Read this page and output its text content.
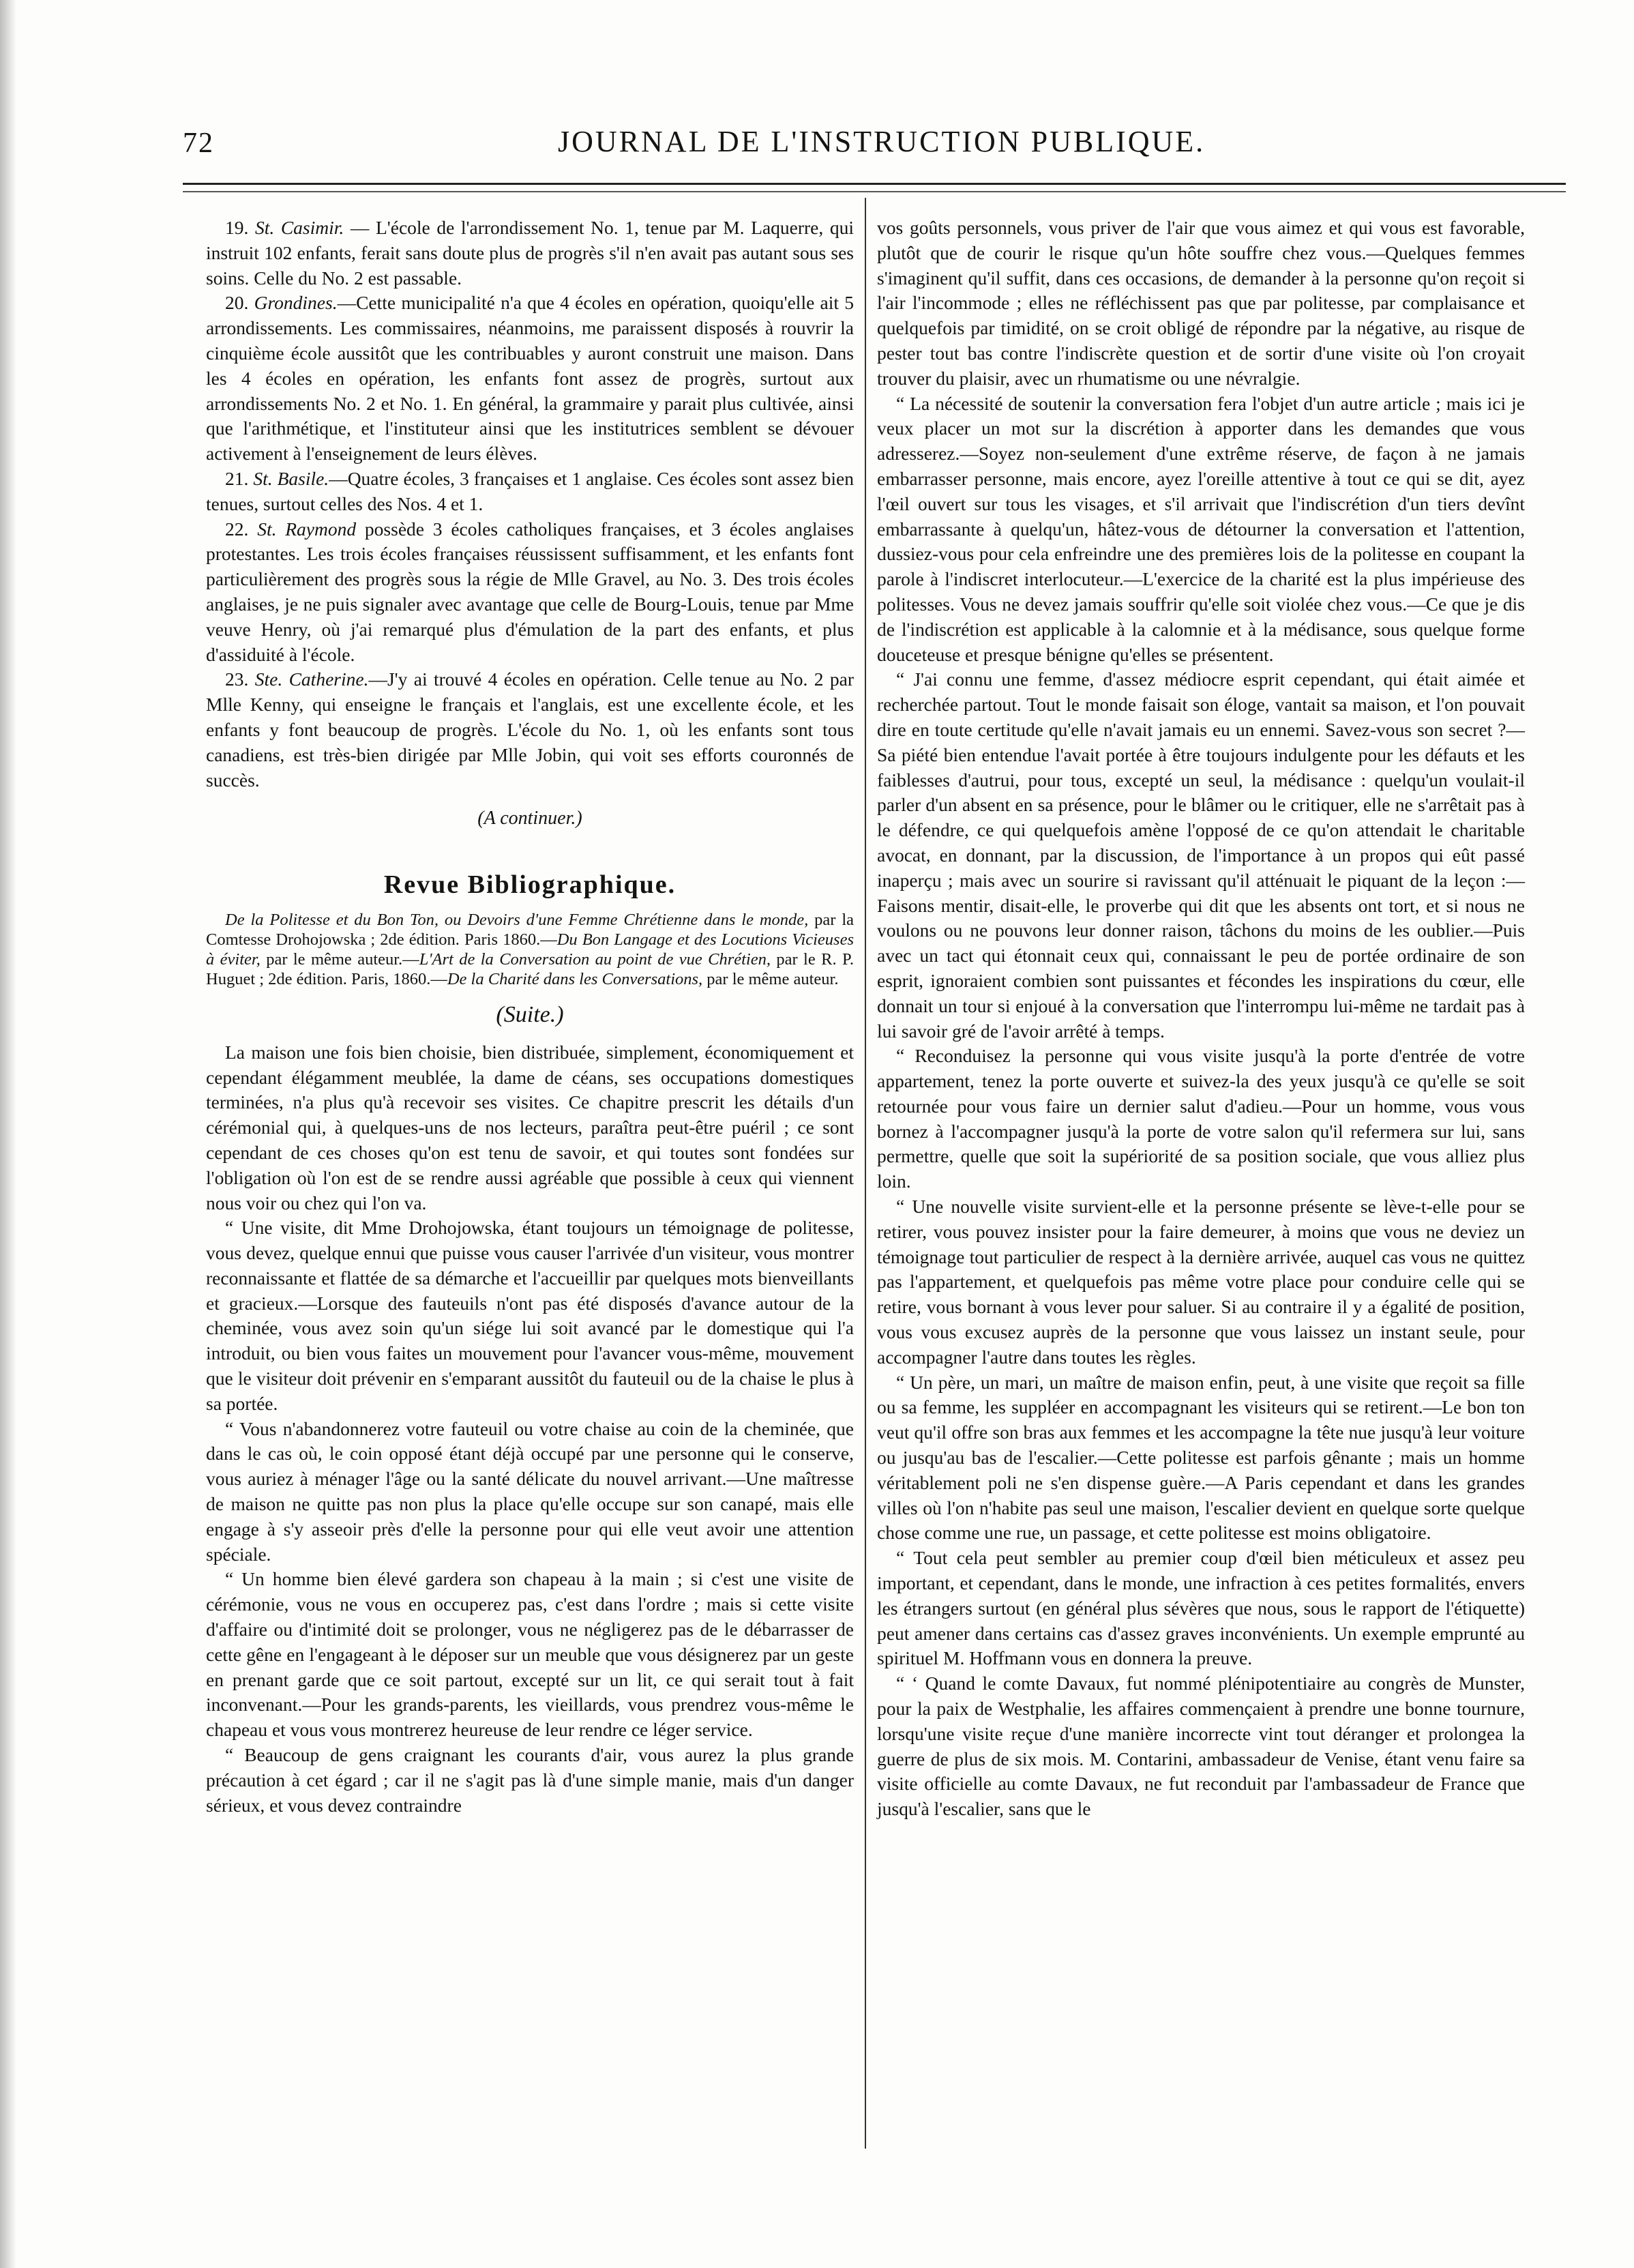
72	JOURNAL DE L'INSTRUCTION PUBLIQUE.

19. St. Casimir. — L'école de l'arrondissement No. 1, tenue par M. Laquerre, qui instruit 102 enfants, ferait sans doute plus de progrès s'il n'en avait pas autant sous ses soins. Celle du No. 2 est passable.

20. Grondines.—Cette municipalité n'a que 4 écoles en opération, quoiqu'elle ait 5 arrondissements. Les commissaires, néanmoins, me paraissent disposés à rouvrir la cinquième école aussitôt que les contribuables y auront construit une maison. Dans les 4 écoles en opération, les enfants font assez de progrès, surtout aux arrondissements No. 2 et No. 1. En général, la grammaire y parait plus cultivée, ainsi que l'arithmétique, et l'instituteur ainsi que les institutrices semblent se dévouer activement à l'enseignement de leurs élèves.

21. St. Basile.—Quatre écoles, 3 françaises et 1 anglaise. Ces écoles sont assez bien tenues, surtout celles des Nos. 4 et 1.

22. St. Raymond possède 3 écoles catholiques françaises, et 3 écoles anglaises protestantes. Les trois écoles françaises réussissent suffisamment, et les enfants font particulièrement des progrès sous la régie de Mlle Gravel, au No. 3. Des trois écoles anglaises, je ne puis signaler avec avantage que celle de Bourg-Louis, tenue par Mme veuve Henry, où j'ai remarqué plus d'émulation de la part des enfants, et plus d'assiduité à l'école.

23. Ste. Catherine.—J'y ai trouvé 4 écoles en opération. Celle tenue au No. 2 par Mlle Kenny, qui enseigne le français et l'anglais, est une excellente école, et les enfants y font beaucoup de progrès. L'école du No. 1, où les enfants sont tous canadiens, est très-bien dirigée par Mlle Jobin, qui voit ses efforts couronnés de succès.

(A continuer.)
Revue Bibliographique.

De la Politesse et du Bon Ton, ou Devoirs d'une Femme Chrétienne dans le monde, par la Comtesse Drohojowska ; 2de édition. Paris 1860.—Du Bon Langage et des Locutions Vicieuses à éviter, par le même auteur.—L'Art de la Conversation au point de vue Chrétien, par le R. P. Huguet ; 2de édition. Paris, 1860.—De la Charité dans les Conversations, par le même auteur.

(Suite.)

La maison une fois bien choisie, bien distribuée, simplement, économiquement et cependant élégamment meublée, la dame de céans, ses occupations domestiques terminées, n'a plus qu'à recevoir ses visites. Ce chapitre prescrit les détails d'un cérémonial qui, à quelques-uns de nos lecteurs, paraîtra peut-être puéril ; ce sont cependant de ces choses qu'on est tenu de savoir, et qui toutes sont fondées sur l'obligation où l'on est de se rendre aussi agréable que possible à ceux qui viennent nous voir ou chez qui l'on va.

“ Une visite, dit Mme Drohojowska, étant toujours un témoignage de politesse, vous devez, quelque ennui que puisse vous causer l'arrivée d'un visiteur, vous montrer reconnaissante et flattée de sa démarche et l'accueillir par quelques mots bienveillants et gracieux.—Lorsque des fauteuils n'ont pas été disposés d'avance autour de la cheminée, vous avez soin qu'un siége lui soit avancé par le domestique qui l'a introduit, ou bien vous faites un mouvement pour l'avancer vous-même, mouvement que le visiteur doit prévenir en s'emparant aussitôt du fauteuil ou de la chaise le plus à sa portée.

“ Vous n'abandonnerez votre fauteuil ou votre chaise au coin de la cheminée, que dans le cas où, le coin opposé étant déjà occupé par une personne qui le conserve, vous auriez à ménager l'âge ou la santé délicate du nouvel arrivant.—Une maîtresse de maison ne quitte pas non plus la place qu'elle occupe sur son canapé, mais elle engage à s'y asseoir près d'elle la personne pour qui elle veut avoir une attention spéciale.

“ Un homme bien élevé gardera son chapeau à la main ; si c'est une visite de cérémonie, vous ne vous en occuperez pas, c'est dans l'ordre ; mais si cette visite d'affaire ou d'intimité doit se prolonger, vous ne négligerez pas de le débarrasser de cette gêne en l'engageant à le déposer sur un meuble que vous désignerez par un geste en prenant garde que ce soit partout, excepté sur un lit, ce qui serait tout à fait inconvenant.—Pour les grands-parents, les vieillards, vous prendrez vous-même le chapeau et vous vous montrerez heureuse de leur rendre ce léger service.

“ Beaucoup de gens craignant les courants d'air, vous aurez la plus grande précaution à cet égard ; car il ne s'agit pas là d'une simple manie, mais d'un danger sérieux, et vous devez contraindre

vos goûts personnels, vous priver de l'air que vous aimez et qui vous est favorable, plutôt que de courir le risque qu'un hôte souffre chez vous.—Quelques femmes s'imaginent qu'il suffit, dans ces occasions, de demander à la personne qu'on reçoit si l'air l'incommode ; elles ne réfléchissent pas que par politesse, par complaisance et quelquefois par timidité, on se croit obligé de répondre par la négative, au risque de pester tout bas contre l'indiscrète question et de sortir d'une visite où l'on croyait trouver du plaisir, avec un rhumatisme ou une névralgie.

“ La nécessité de soutenir la conversation fera l'objet d'un autre article ; mais ici je veux placer un mot sur la discrétion à apporter dans les demandes que vous adresserez.—Soyez non-seulement d'une extrême réserve, de façon à ne jamais embarrasser personne, mais encore, ayez l'oreille attentive à tout ce qui se dit, ayez l'œil ouvert sur tous les visages, et s'il arrivait que l'indiscrétion d'un tiers devînt embarrassante à quelqu'un, hâtez-vous de détourner la conversation et l'attention, dussiez-vous pour cela enfreindre une des premières lois de la politesse en coupant la parole à l'indiscret interlocuteur.—L'exercice de la charité est la plus impérieuse des politesses. Vous ne devez jamais souffrir qu'elle soit violée chez vous.—Ce que je dis de l'indiscrétion est applicable à la calomnie et à la médisance, sous quelque forme douceteuse et presque bénigne qu'elles se présentent.

“ J'ai connu une femme, d'assez médiocre esprit cependant, qui était aimée et recherchée partout. Tout le monde faisait son éloge, vantait sa maison, et l'on pouvait dire en toute certitude qu'elle n'avait jamais eu un ennemi. Savez-vous son secret ?—Sa piété bien entendue l'avait portée à être toujours indulgente pour les défauts et les faiblesses d'autrui, pour tous, excepté un seul, la médisance : quelqu'un voulait-il parler d'un absent en sa présence, pour le blâmer ou le critiquer, elle ne s'arrêtait pas à le défendre, ce qui quelquefois amène l'opposé de ce qu'on attendait le charitable avocat, en donnant, par la discussion, de l'importance à un propos qui eût passé inaperçu ; mais avec un sourire si ravissant qu'il atténuait le piquant de la leçon :—Faisons mentir, disait-elle, le proverbe qui dit que les absents ont tort, et si nous ne voulons ou ne pouvons leur donner raison, tâchons du moins de les oublier.—Puis avec un tact qui étonnait ceux qui, connaissant le peu de portée ordinaire de son esprit, ignoraient combien sont puissantes et fécondes les inspirations du cœur, elle donnait un tour si enjoué à la conversation que l'interrompu lui-même ne tardait pas à lui savoir gré de l'avoir arrêté à temps.

“ Reconduisez la personne qui vous visite jusqu'à la porte d'entrée de votre appartement, tenez la porte ouverte et suivez-la des yeux jusqu'à ce qu'elle se soit retournée pour vous faire un dernier salut d'adieu.—Pour un homme, vous vous bornez à l'accompagner jusqu'à la porte de votre salon qu'il refermera sur lui, sans permettre, quelle que soit la supériorité de sa position sociale, que vous alliez plus loin.

“ Une nouvelle visite survient-elle et la personne présente se lève-t-elle pour se retirer, vous pouvez insister pour la faire demeurer, à moins que vous ne deviez un témoignage tout particulier de respect à la dernière arrivée, auquel cas vous ne quittez pas l'appartement, et quelquefois pas même votre place pour conduire celle qui se retire, vous bornant à vous lever pour saluer. Si au contraire il y a égalité de position, vous vous excusez auprès de la personne que vous laissez un instant seule, pour accompagner l'autre dans toutes les règles.

“ Un père, un mari, un maître de maison enfin, peut, à une visite que reçoit sa fille ou sa femme, les suppléer en accompagnant les visiteurs qui se retirent.—Le bon ton veut qu'il offre son bras aux femmes et les accompagne la tête nue jusqu'à leur voiture ou jusqu'au bas de l'escalier.—Cette politesse est parfois gênante ; mais un homme véritablement poli ne s'en dispense guère.—A Paris cependant et dans les grandes villes où l'on n'habite pas seul une maison, l'escalier devient en quelque sorte quelque chose comme une rue, un passage, et cette politesse est moins obligatoire.

“ Tout cela peut sembler au premier coup d'œil bien méticuleux et assez peu important, et cependant, dans le monde, une infraction à ces petites formalités, envers les étrangers surtout (en général plus sévères que nous, sous le rapport de l'étiquette) peut amener dans certains cas d'assez graves inconvénients. Un exemple emprunté au spirituel M. Hoffmann vous en donnera la preuve.

“ ‘ Quand le comte Davaux, fut nommé plénipotentiaire au congrès de Munster, pour la paix de Westphalie, les affaires commençaient à prendre une bonne tournure, lorsqu'une visite reçue d'une manière incorrecte vint tout déranger et prolongea la guerre de plus de six mois. M. Contarini, ambassadeur de Venise, étant venu faire sa visite officielle au comte Davaux, ne fut reconduit par l'ambassadeur de France que jusqu'à l'escalier, sans que le
